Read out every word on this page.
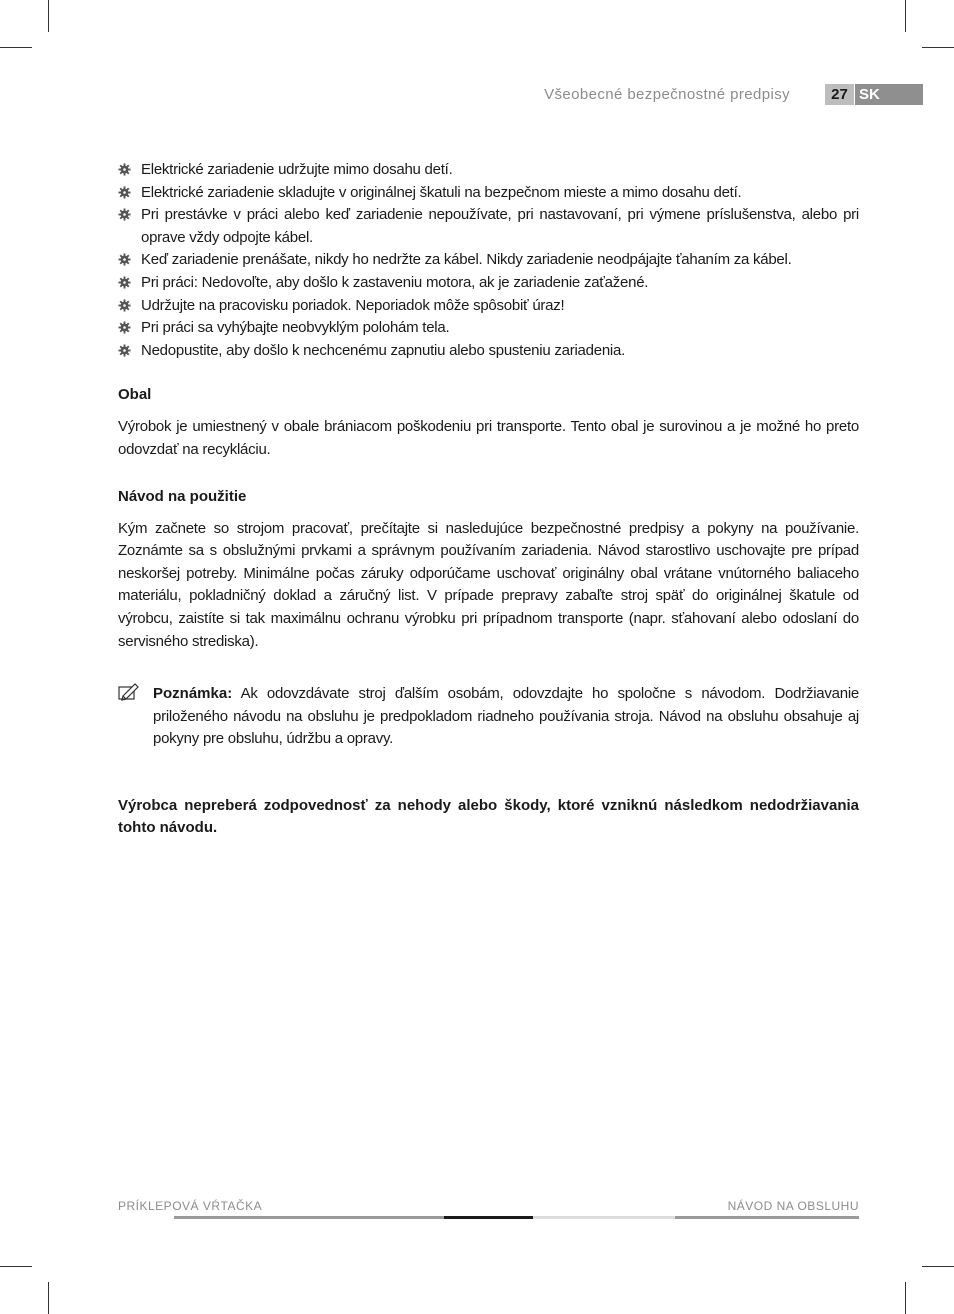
Všeobecné bezpečnostné predpisy	27 SK
Elektrické zariadenie udržujte mimo dosahu detí.
Elektrické zariadenie skladujte v originálnej škatuli na bezpečnom mieste a mimo dosahu detí.
Pri prestávke v práci alebo keď zariadenie nepoužívate, pri nastavovaní, pri výmene príslušenstva, alebo pri oprave vždy odpojte kábel.
Keď zariadenie prenášate, nikdy ho nedržte za kábel. Nikdy zariadenie neodpájajte ťahaním za kábel.
Pri práci: Nedovoľte, aby došlo k zastaveniu motora, ak je zariadenie zaťažené.
Udržujte na pracovisku poriadok. Neporiadok môže spôsobiť úraz!
Pri práci sa vyhýbajte neobvyklým polohám tela.
Nedopustite, aby došlo k nechcenému zapnutiu alebo spusteniu zariadenia.
Obal

Výrobok je umiestnený v obale brániacom poškodeniu pri transporte. Tento obal je surovinou a je možné ho preto odovzdať na recykláciu.

Návod na použitie

Kým začnete so strojom pracovať, prečítajte si nasledujúce bezpečnostné predpisy a pokyny na používanie. Zoznámte sa s obslužnými prvkami a správnym používaním zariadenia. Návod starostlivo uschovajte pre prípad neskoršej potreby. Minimálne počas záruky odporúčame uschovať originálny obal vrátane vnútorného baliaceho materiálu, pokladničný doklad a záručný list. V prípade prepravy zabaľte stroj späť do originálnej škatule od výrobcu, zaistíte si tak maximálnu ochranu výrobku pri prípadnom transporte (napr. sťahovaní alebo odoslaní do servisného strediska).

Poznámka: Ak odovzdávate stroj ďalším osobám, odovzdajte ho spoločne s návodom. Dodržiavanie priloženého návodu na obsluhu je predpokladom riadneho používania stroja. Návod na obsluhu obsahuje aj pokyny pre obsluhu, údržbu a opravy.

Výrobca nepreberá zodpovednosť za nehody alebo škody, ktoré vzniknú následkom nedodržiavania tohto návodu.

PRÍKLEPOVÁ VŔTAČKA	NÁVOD NA OBSLUHU
